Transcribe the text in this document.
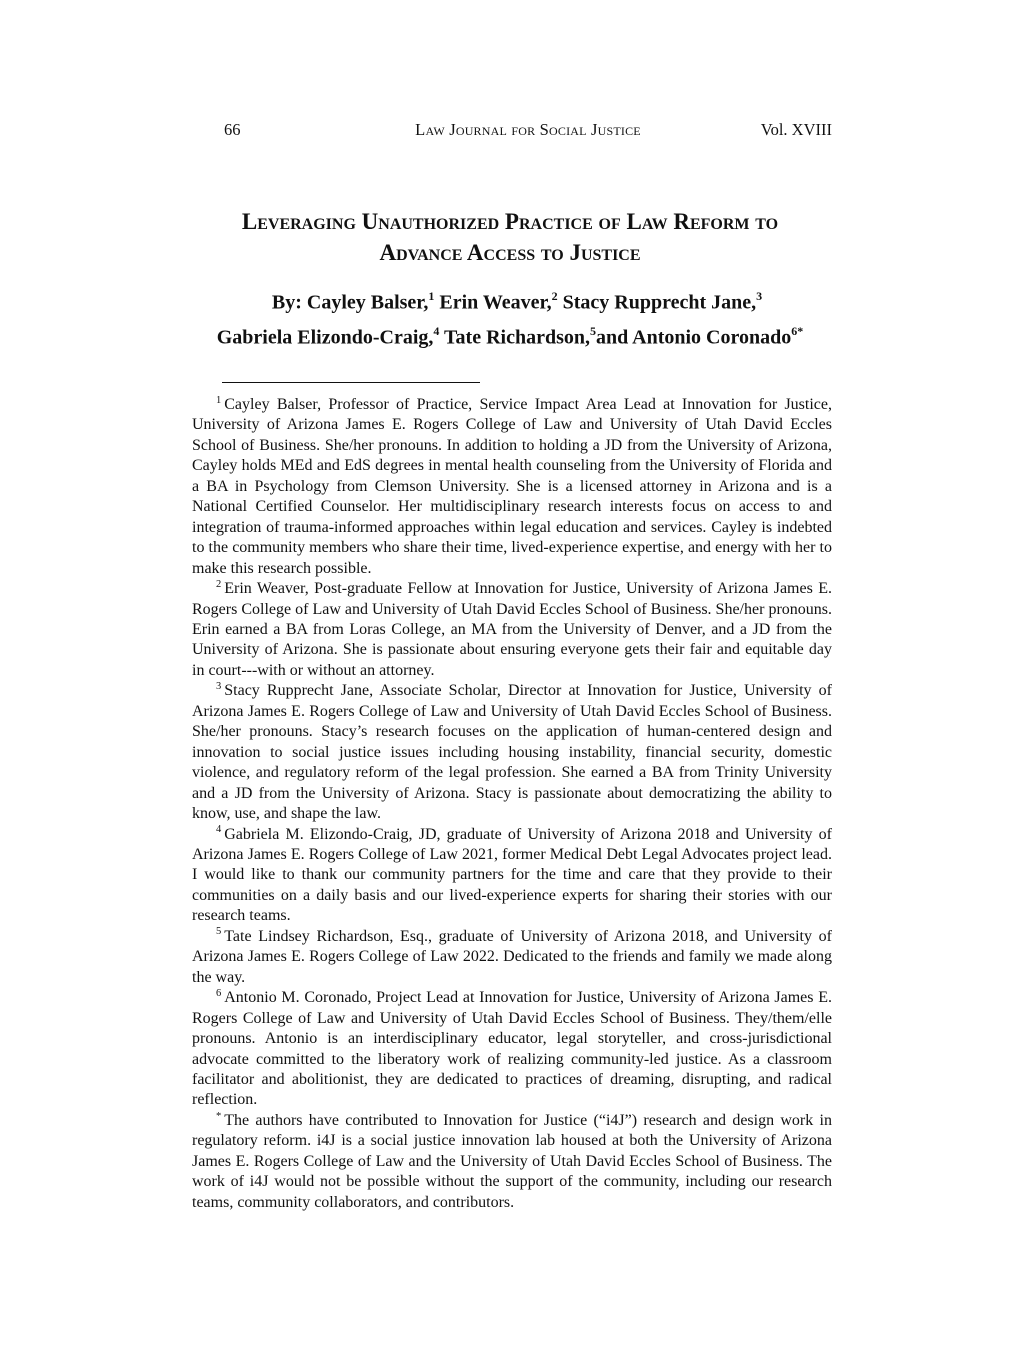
66	Law Journal for Social Justice	Vol. XVIII
Leveraging Unauthorized Practice of Law Reform to
Advance Access to Justice
By: Cayley Balser,$^1$ Erin Weaver,$^2$ Stacy Rupprecht Jane,$^3$
Gabriela Elizondo-Craig,$^4$ Tate Richardson,$^5$and Antonio Coronado$^{6*}$

$^1$ Cayley Balser, Professor of Practice, Service Impact Area Lead at Innovation for Justice, University of Arizona James E. Rogers College of Law and University of Utah David Eccles School of Business. She/her pronouns. In addition to holding a JD from the University of Arizona, Cayley holds MEd and EdS degrees in mental health counseling from the University of Florida and a BA in Psychology from Clemson University. She is a licensed attorney in Arizona and is a National Certified Counselor. Her multidisciplinary research interests focus on access to and integration of trauma-informed approaches within legal education and services. Cayley is indebted to the community members who share their time, lived-experience expertise, and energy with her to make this research possible.

$^2$ Erin Weaver, Post-graduate Fellow at Innovation for Justice, University of Arizona James E. Rogers College of Law and University of Utah David Eccles School of Business. She/her pronouns. Erin earned a BA from Loras College, an MA from the University of Denver, and a JD from the University of Arizona. She is passionate about ensuring everyone gets their fair and equitable day in court---with or without an attorney.

$^3$ Stacy Rupprecht Jane, Associate Scholar, Director at Innovation for Justice, University of Arizona James E. Rogers College of Law and University of Utah David Eccles School of Business. She/her pronouns. Stacy’s research focuses on the application of human-centered design and innovation to social justice issues including housing instability, financial security, domestic violence, and regulatory reform of the legal profession. She earned a BA from Trinity University and a JD from the University of Arizona. Stacy is passionate about democratizing the ability to know, use, and shape the law.

$^4$ Gabriela M. Elizondo-Craig, JD, graduate of University of Arizona 2018 and University of Arizona James E. Rogers College of Law 2021, former Medical Debt Legal Advocates project lead. I would like to thank our community partners for the time and care that they provide to their communities on a daily basis and our lived-experience experts for sharing their stories with our research teams.

$^5$ Tate Lindsey Richardson, Esq., graduate of University of Arizona 2018, and University of Arizona James E. Rogers College of Law 2022. Dedicated to the friends and family we made along the way.

$^6$ Antonio M. Coronado, Project Lead at Innovation for Justice, University of Arizona James E. Rogers College of Law and University of Utah David Eccles School of Business. They/them/elle pronouns. Antonio is an interdisciplinary educator, legal storyteller, and cross-jurisdictional advocate committed to the liberatory work of realizing community-led justice. As a classroom facilitator and abolitionist, they are dedicated to practices of dreaming, disrupting, and radical reflection.

* The authors have contributed to Innovation for Justice (“i4J”) research and design work in regulatory reform. i4J is a social justice innovation lab housed at both the University of Arizona James E. Rogers College of Law and the University of Utah David Eccles School of Business. The work of i4J would not be possible without the support of the community, including our research teams, community collaborators, and contributors.
